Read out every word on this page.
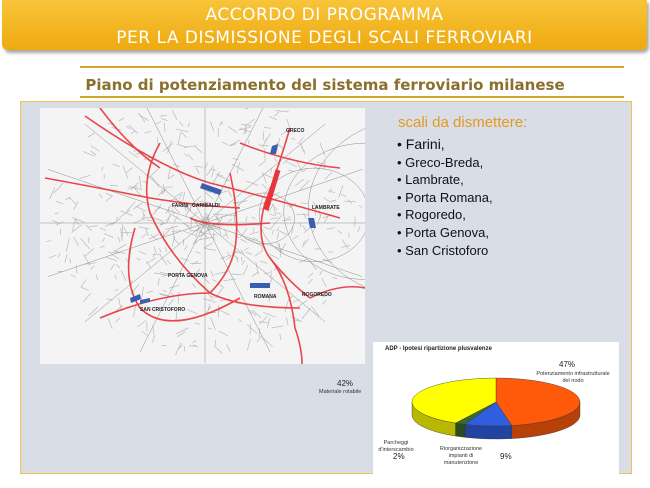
ACCORDO DI PROGRAMMA
PER LA DISMISSIONE DEGLI SCALI FERROVIARI
Piano di potenziamento del sistema ferroviario milanese
GRECO
FARINI GARIBALDI	LAMBRATE
PORTA GENOVA
SAN CRISTOFORO
ROMANA	ROGOREDO
scali da dismettere:
• Farini,
• Greco-Breda,
• Lambrate,
• Porta Romana,
• Rogoredo,
• Porta Genova,
• San Cristoforo
ADP - Ipotesi ripartizione plusvalenze
47%
Potenziamento infrastrutturale del nodo
9%
Riorganizzazione impianti di manutenzione
2%
Parcheggi d'interscambio
42%
Materiale rotabile
